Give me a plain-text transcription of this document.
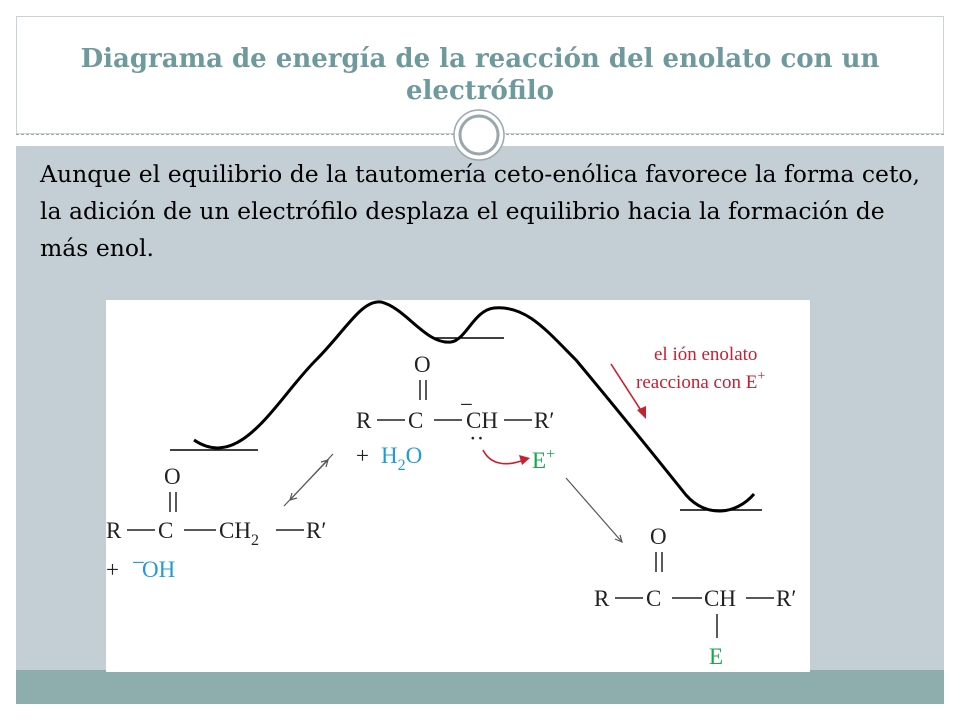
Diagrama de energía de la reacción del enolato con un electrófilo
Aunque el equilibrio de la tautomería ceto-enólica favorece la forma ceto, la adición de un electrófilo desplaza el equilibrio hacia la formación de más enol.
O
R C $CH_2$ R′
+ −
OH
O
R C
−
CH
··
R′
+ $H_2O$	E+
el ión enolato
reacciona con E+
O
R C CH R′
E
